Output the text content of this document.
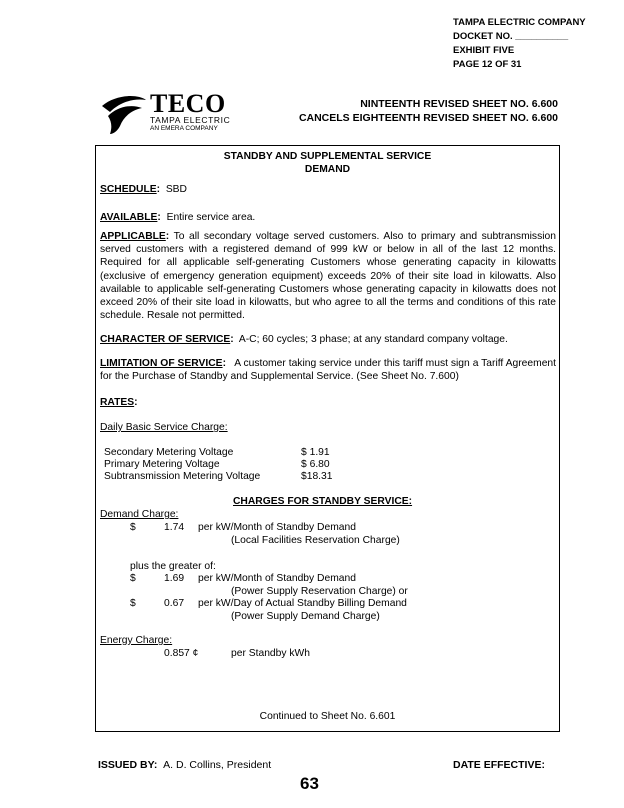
TAMPA ELECTRIC COMPANY
DOCKET NO. __________
EXHIBIT FIVE
PAGE 12 OF 31
TECO
TAMPA ELECTRIC
AN EMERA COMPANY
NINTEENTH REVISED SHEET NO. 6.600
CANCELS EIGHTEENTH REVISED SHEET NO. 6.600
STANDBY AND SUPPLEMENTAL SERVICE
DEMAND
SCHEDULE: SBD
AVAILABLE: Entire service area.
APPLICABLE: To all secondary voltage served customers. Also to primary and subtransmission served customers with a registered demand of 999 kW or below in all of the last 12 months. Required for all applicable self-generating Customers whose generating capacity in kilowatts (exclusive of emergency generation equipment) exceeds 20% of their site load in kilowatts. Also available to applicable self-generating Customers whose generating capacity in kilowatts does not exceed 20% of their site load in kilowatts, but who agree to all the terms and conditions of this rate schedule. Resale not permitted.
CHARACTER OF SERVICE: A-C; 60 cycles; 3 phase; at any standard company voltage.
LIMITATION OF SERVICE: A customer taking service under this tariff must sign a Tariff Agreement for the Purchase of Standby and Supplemental Service. (See Sheet No. 7.600)
RATES:
Daily Basic Service Charge:
Secondary Metering Voltage	$ 1.91
Primary Metering Voltage	$ 6.80
Subtransmission Metering Voltage	$18.31
CHARGES FOR STANDBY SERVICE:
Demand Charge:
$	1.74 per kW/Month of Standby Demand
(Local Facilities Reservation Charge)
plus the greater of:
$	1.69 per kW/Month of Standby Demand
(Power Supply Reservation Charge) or
$	0.67 per kW/Day of Actual Standby Billing Demand
(Power Supply Demand Charge)
Energy Charge:
0.857 ¢	per Standby kWh
Continued to Sheet No. 6.601
ISSUED BY: A. D. Collins, President	DATE EFFECTIVE:
63
